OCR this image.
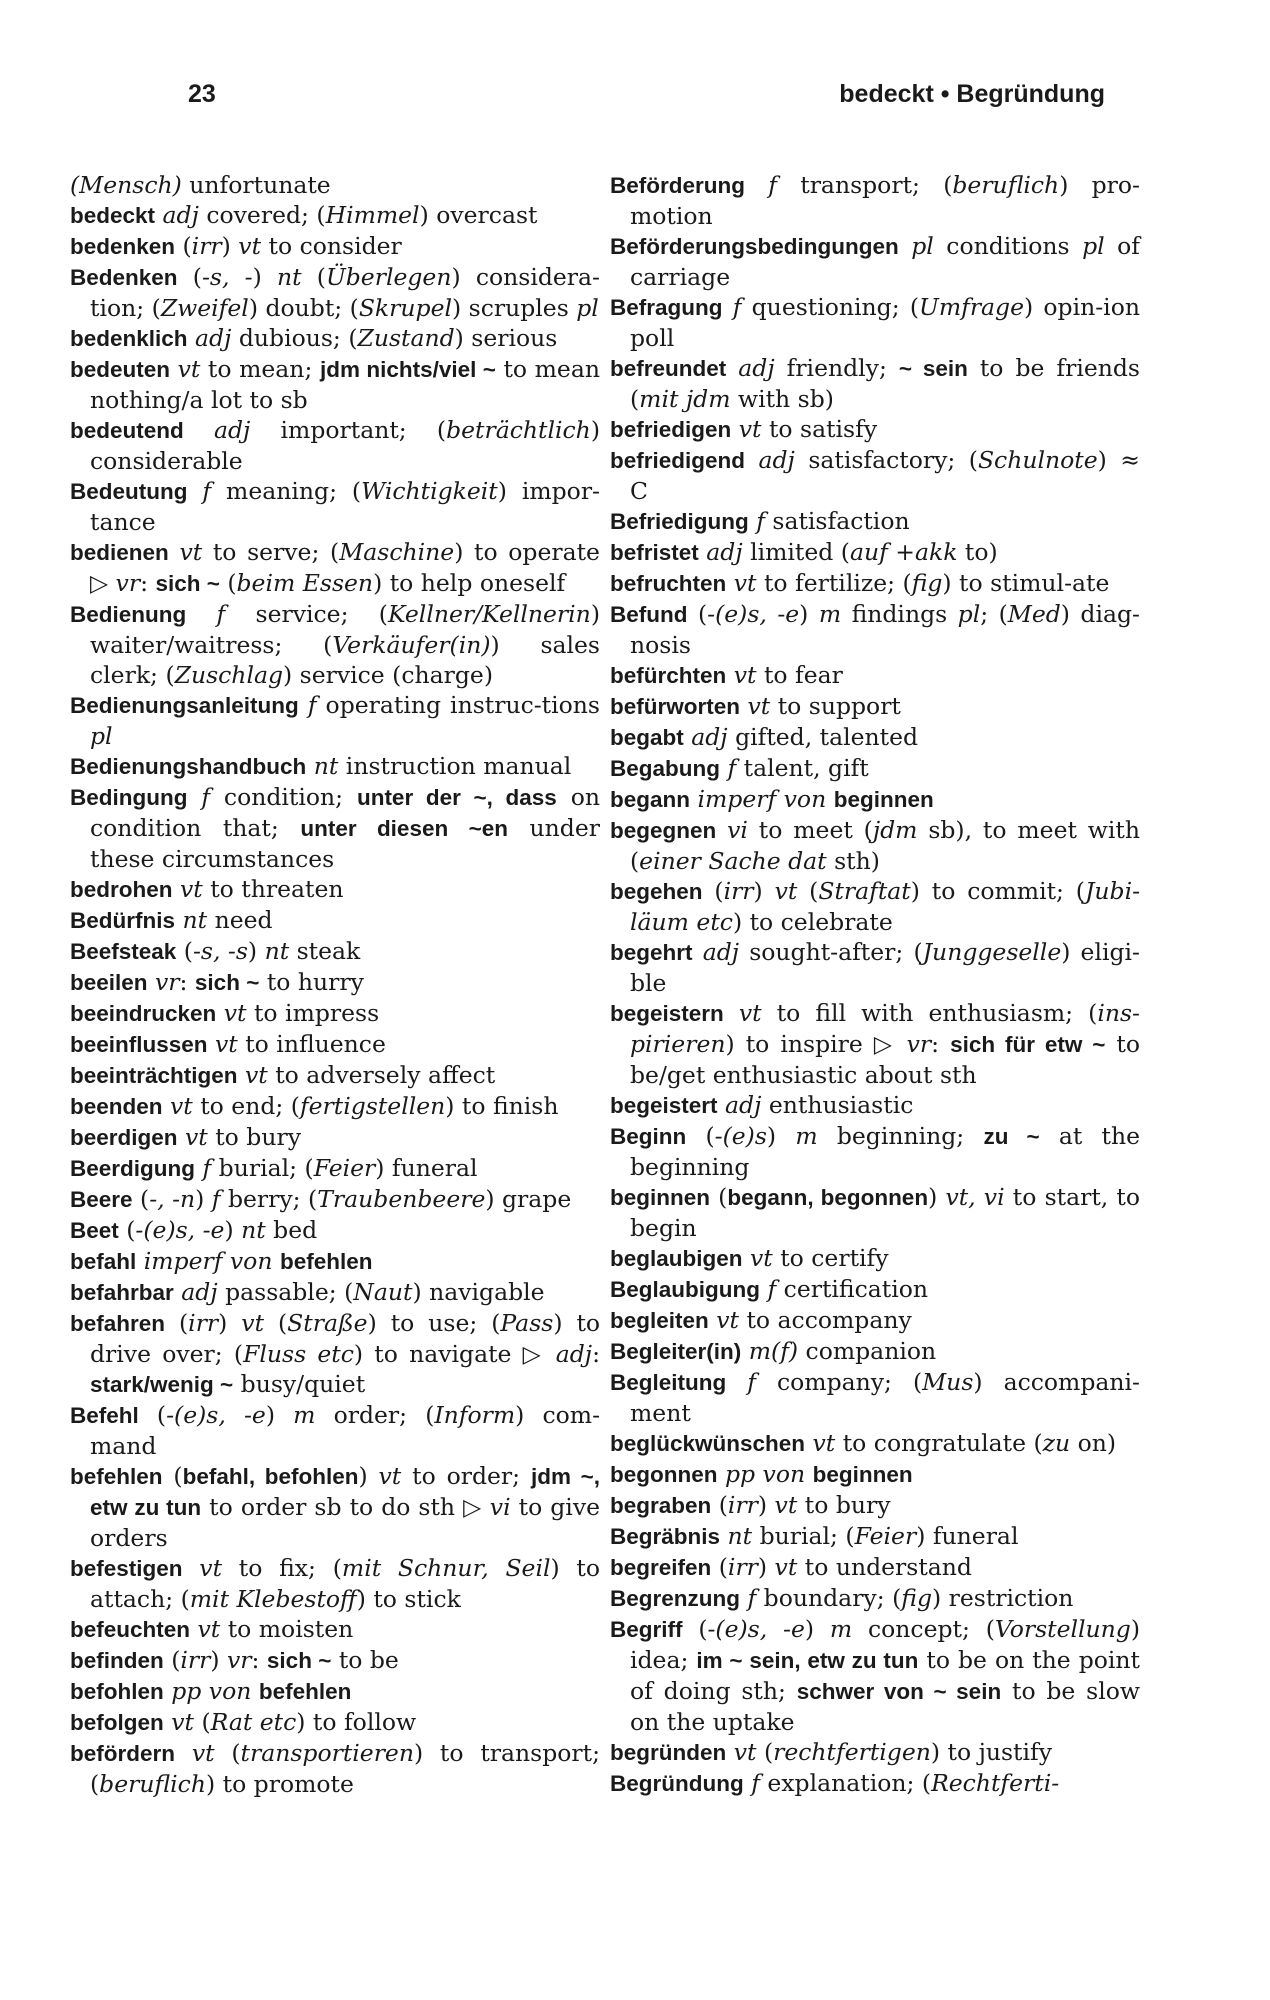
23	bedeckt • Begründung

(Mensch) unfortunate

bedeckt adj covered; (Himmel) overcast

bedenken (irr) vt to consider

Bedenken (-s, -) nt (Überlegen) considera-tion; (Zweifel) doubt; (Skrupel) scruples pl

bedenklich adj dubious; (Zustand) serious

bedeuten vt to mean; jdm nichts/viel ~ to mean nothing/a lot to sb

bedeutend adj important; (beträchtlich) considerable

Bedeutung f meaning; (Wichtigkeit) impor-tance

bedienen vt to serve; (Maschine) to operate ▷ vr: sich ~ (beim Essen) to help oneself

Bedienung f service; (Kellner/Kellnerin) waiter/waitress; (Verkäufer(in)) sales clerk; (Zuschlag) service (charge)

Bedienungsanleitung f operating instruc-tions pl

Bedienungshandbuch nt instruction manual

Bedingung f condition; unter der ~, dass on condition that; unter diesen ~en under these circumstances

bedrohen vt to threaten

Bedürfnis nt need

Beefsteak (-s, -s) nt steak

beeilen vr: sich ~ to hurry

beeindrucken vt to impress

beeinflussen vt to influence

beeinträchtigen vt to adversely affect

beenden vt to end; (fertigstellen) to finish

beerdigen vt to bury

Beerdigung f burial; (Feier) funeral

Beere (-, -n) f berry; (Traubenbeere) grape

Beet (-(e)s, -e) nt bed

befahl imperf von befehlen

befahrbar adj passable; (Naut) navigable

befahren (irr) vt (Straße) to use; (Pass) to drive over; (Fluss etc) to navigate ▷ adj: stark/wenig ~ busy/quiet

Befehl (-(e)s, -e) m order; (Inform) com-mand

befehlen (befahl, befohlen) vt to order; jdm ~, etw zu tun to order sb to do sth ▷ vi to give orders

befestigen vt to fix; (mit Schnur, Seil) to attach; (mit Klebestoff) to stick

befeuchten vt to moisten

befinden (irr) vr: sich ~ to be

befohlen pp von befehlen

befolgen vt (Rat etc) to follow

befördern vt (transportieren) to transport; (beruflich) to promote

Beförderung f transport; (beruflich) pro-motion

Beförderungsbedingungen pl conditions pl of carriage

Befragung f questioning; (Umfrage) opin-ion poll

befreundet adj friendly; ~ sein to be friends (mit jdm with sb)

befriedigen vt to satisfy

befriedigend adj satisfactory; (Schulnote) ≈ C

Befriedigung f satisfaction

befristet adj limited (auf +akk to)

befruchten vt to fertilize; (fig) to stimul-ate

Befund (-(e)s, -e) m findings pl; (Med) diag-nosis

befürchten vt to fear

befürworten vt to support

begabt adj gifted, talented

Begabung f talent, gift

begann imperf von beginnen

begegnen vi to meet (jdm sb), to meet with (einer Sache dat sth)

begehen (irr) vt (Straftat) to commit; (Jubi-läum etc) to celebrate

begehrt adj sought-after; (Junggeselle) eligi-ble

begeistern vt to fill with enthusiasm; (ins-pirieren) to inspire ▷ vr: sich für etw ~ to be/get enthusiastic about sth

begeistert adj enthusiastic

Beginn (-(e)s) m beginning; zu ~ at the beginning

beginnen (begann, begonnen) vt, vi to start, to begin

beglaubigen vt to certify

Beglaubigung f certification

begleiten vt to accompany

Begleiter(in) m(f) companion

Begleitung f company; (Mus) accompani-ment

beglückwünschen vt to congratulate (zu on)

begonnen pp von beginnen

begraben (irr) vt to bury

Begräbnis nt burial; (Feier) funeral

begreifen (irr) vt to understand

Begrenzung f boundary; (fig) restriction

Begriff (-(e)s, -e) m concept; (Vorstellung) idea; im ~ sein, etw zu tun to be on the point of doing sth; schwer von ~ sein to be slow on the uptake

begründen vt (rechtfertigen) to justify

Begründung f explanation; (Rechtferti-
